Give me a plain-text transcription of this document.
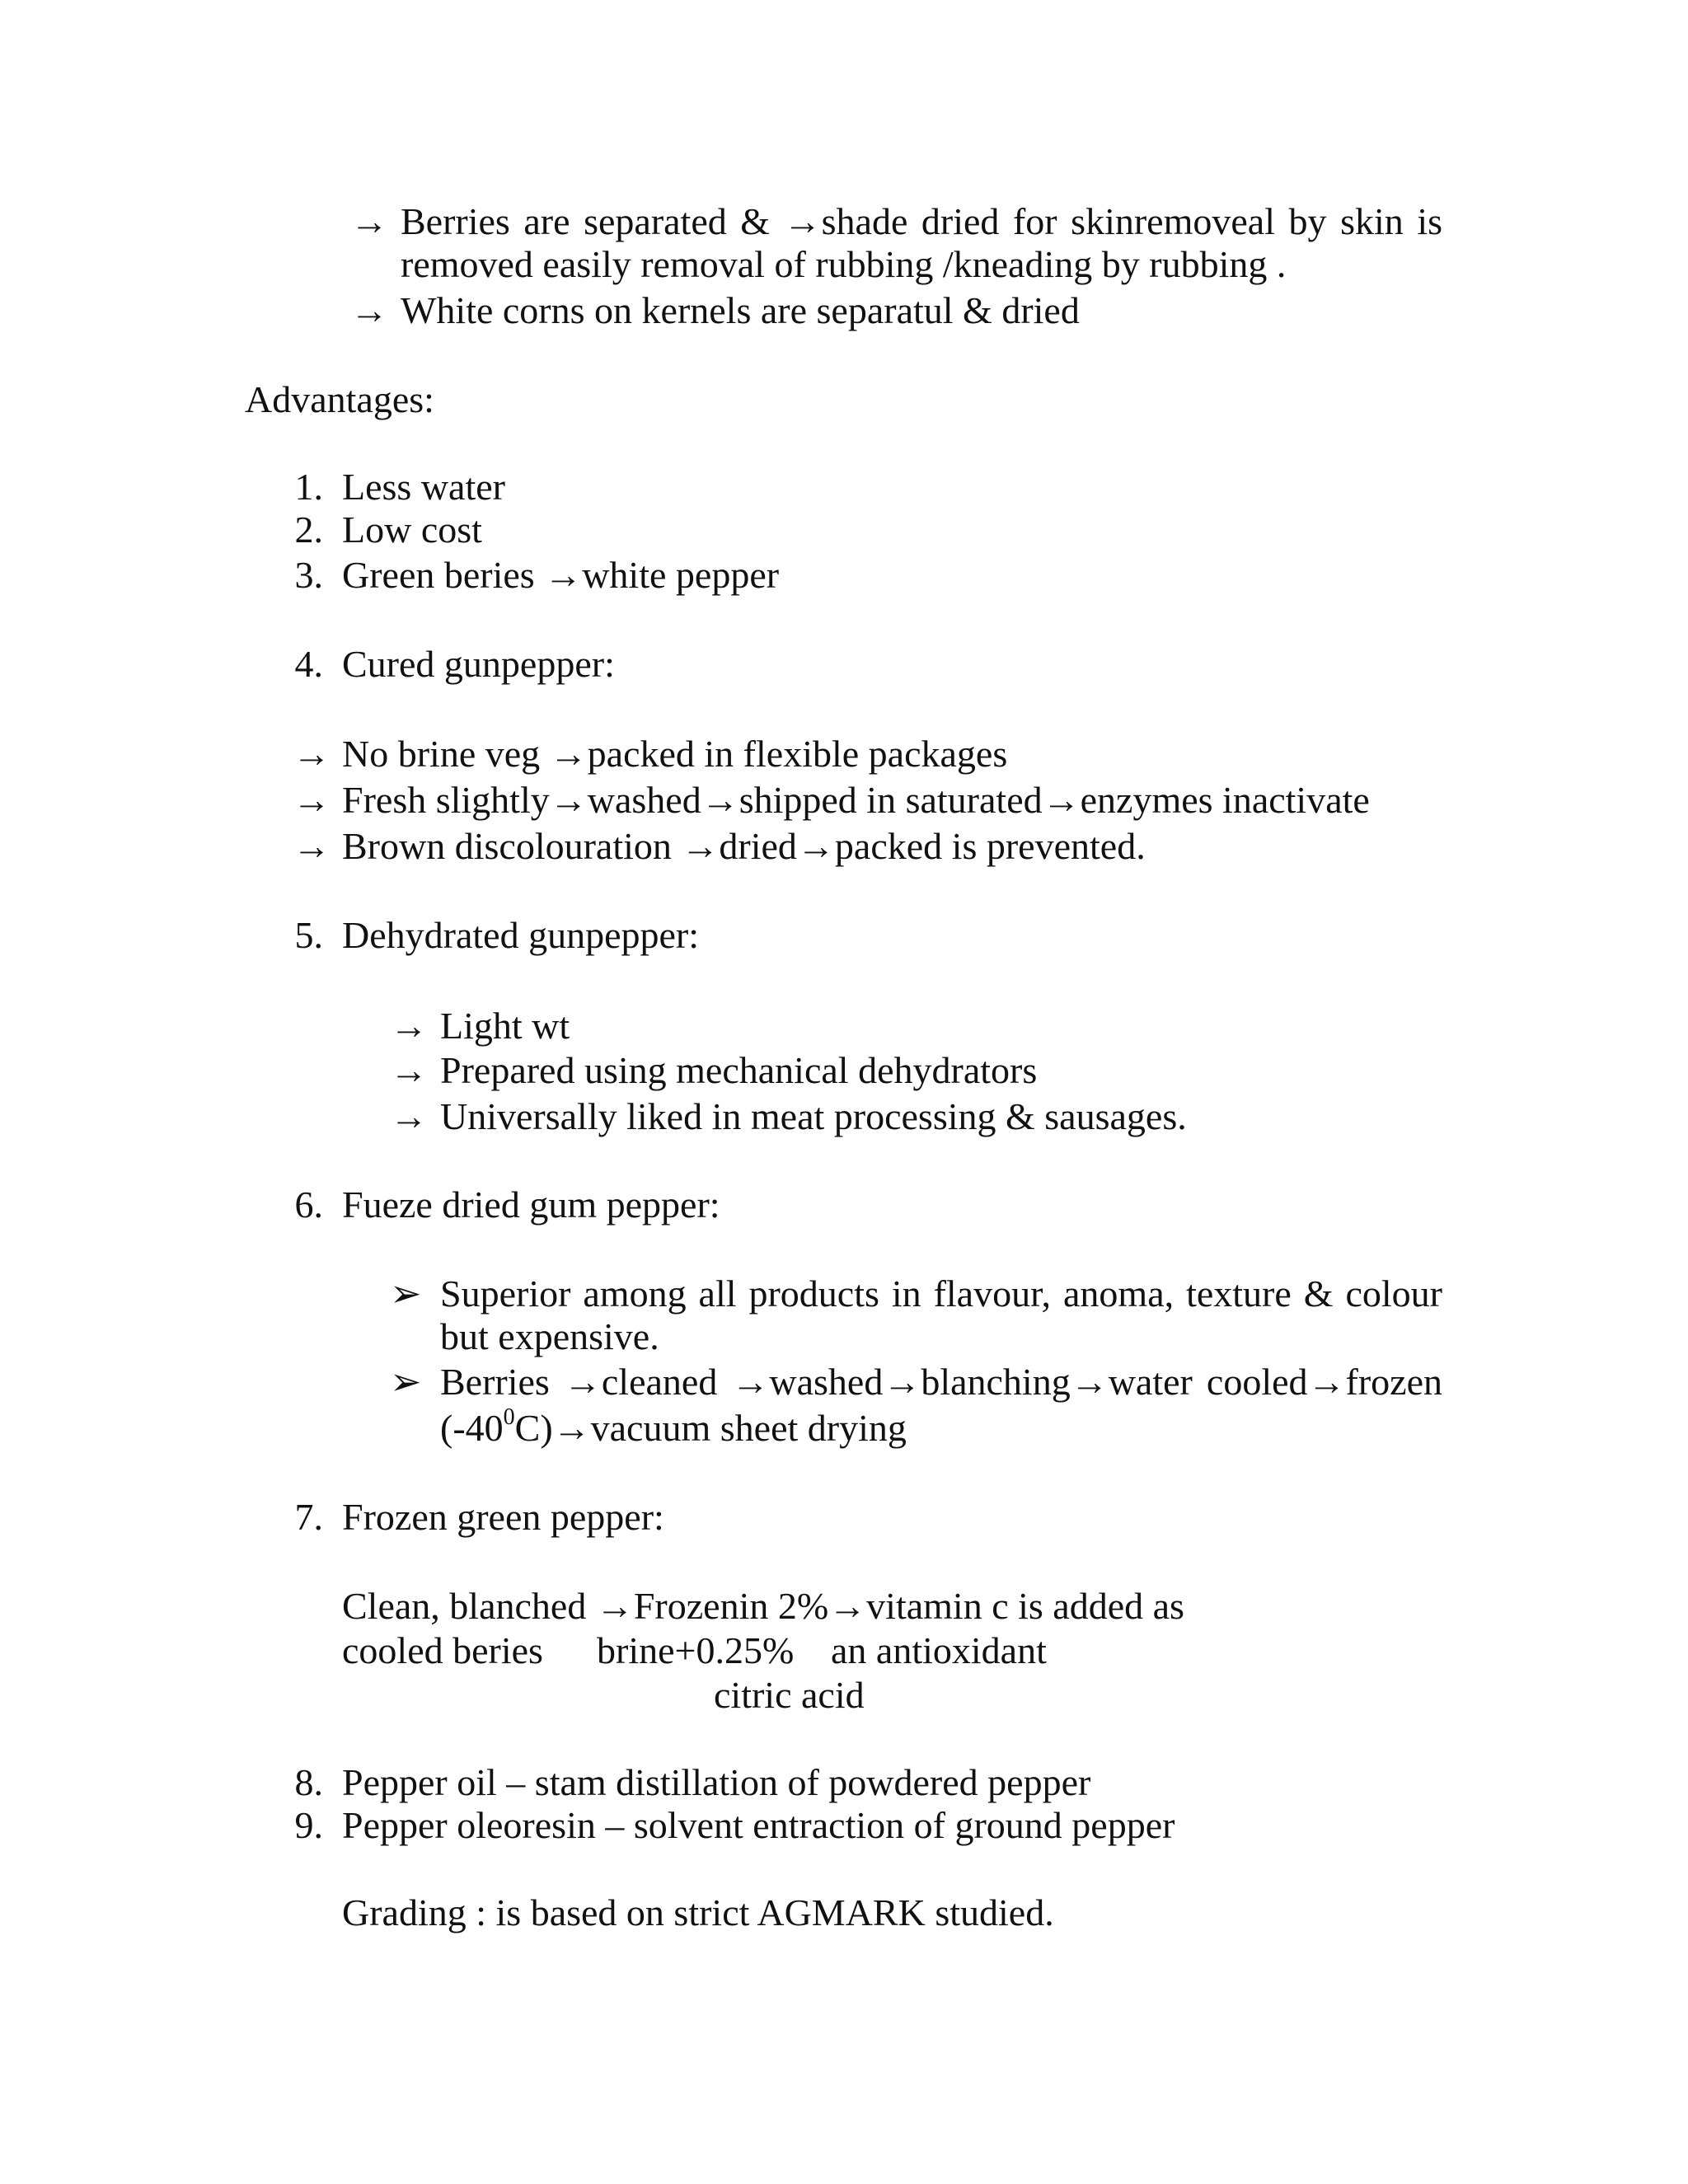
→ Berries are separated & →shade dried for skinremoveal by skin is
removed easily removal of rubbing /kneading by rubbing .
→ White corns on kernels are separatul & dried
Advantages:
1. Less water
2. Low cost
3. Green beries →white pepper
4. Cured gunpepper:
→ No brine veg →packed in flexible packages
→ Fresh slightly→washed→shipped in saturated→enzymes inactivate
→ Brown discolouration →dried→packed is prevented.
5. Dehydrated gunpepper:
→ Light wt
→ Prepared using mechanical dehydrators
→ Universally liked in meat processing & sausages.
6. Fueze dried gum pepper:
➢ Superior among all products in flavour, anoma, texture & colour
but expensive.
➢ Berries →cleaned →washed→blanching→water cooled→frozen
$(-40^0C)\to vacuum$ sheet drying
7. Frozen green pepper:
Clean, blanched →Frozenin 2%→vitamin c is added as
cooled beries brine+0.25% an antioxidant
citric acid
8. Pepper oil – stam distillation of powdered pepper
9. Pepper oleoresin – solvent entraction of ground pepper
Grading : is based on strict AGMARK studied.
